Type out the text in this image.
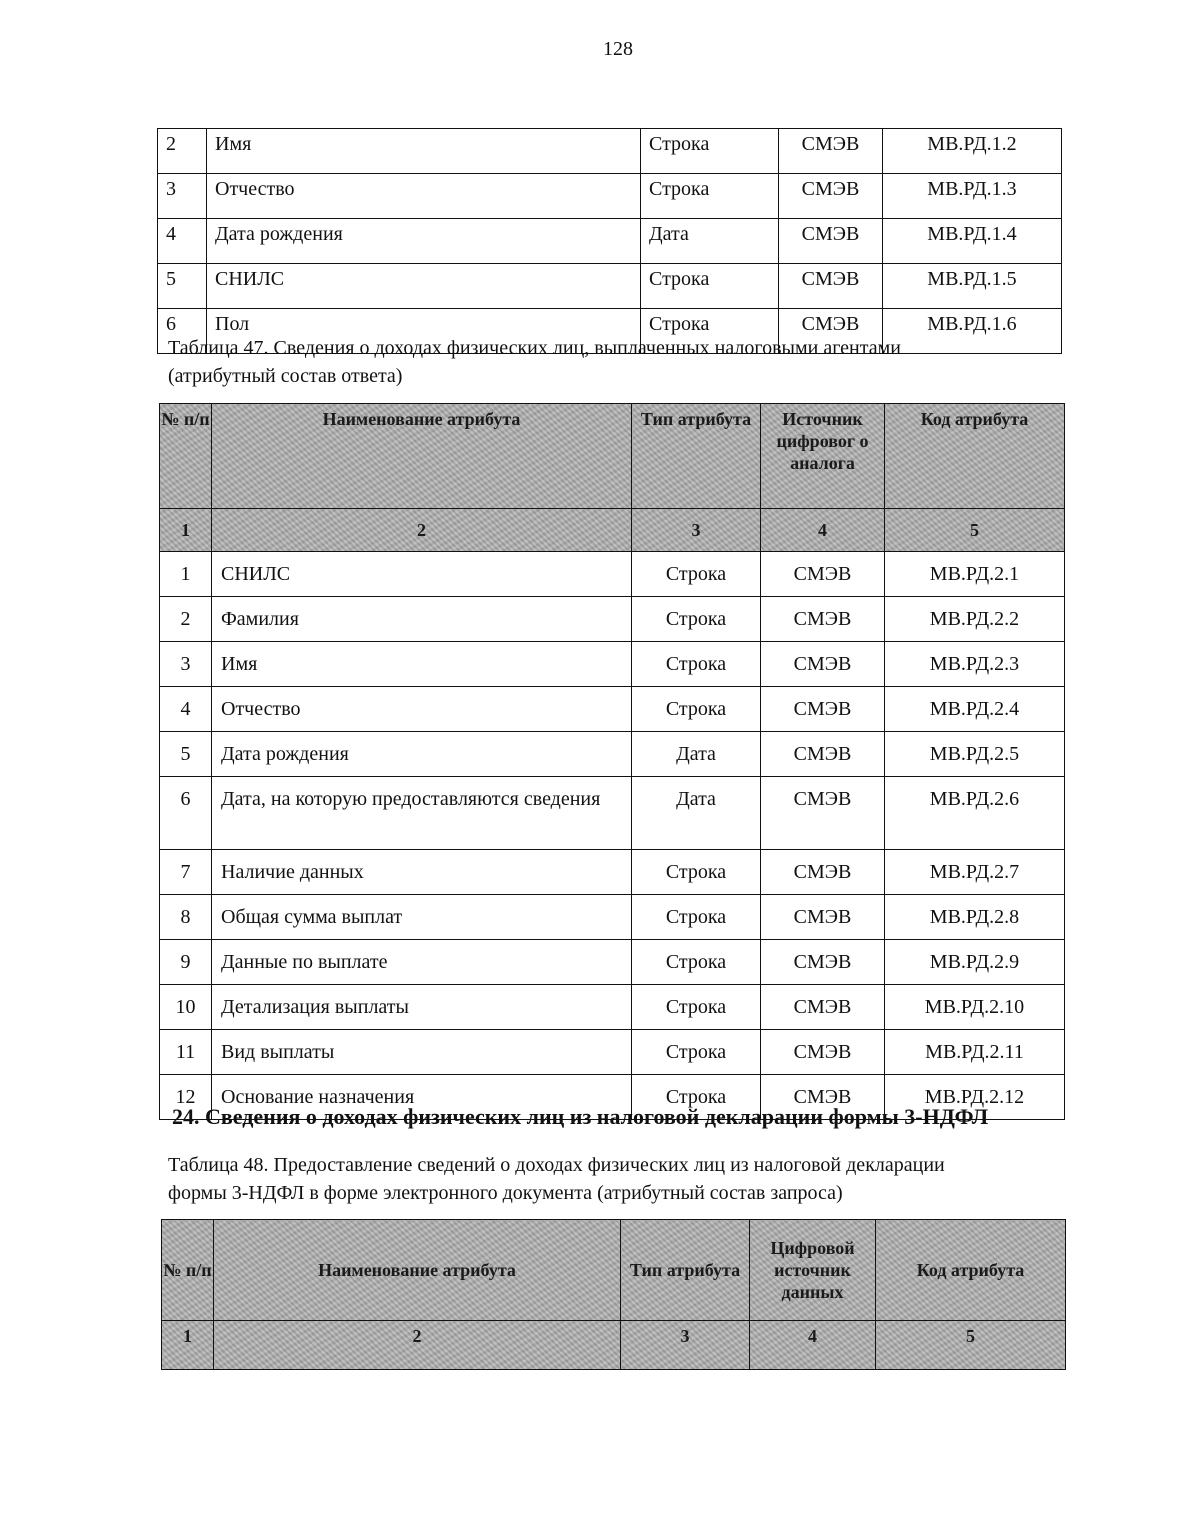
128
2	Имя	Строка	СМЭВ	МВ.РД.1.2
3	Отчество	Строка	СМЭВ	МВ.РД.1.3
4	Дата рождения	Дата	СМЭВ	МВ.РД.1.4
5	СНИЛС	Строка	СМЭВ	МВ.РД.1.5
6	Пол	Строка	СМЭВ	МВ.РД.1.6
Таблица 47. Сведения о доходах физических лиц, выплаченных налоговыми агентами
(атрибутный состав ответа)
№ п/п	Наименование атрибута	Тип атрибута	Источник цифровог о аналога	Код атрибута
1	2	3	4	5
1	СНИЛС	Строка	СМЭВ	МВ.РД.2.1
2	Фамилия	Строка	СМЭВ	МВ.РД.2.2
3	Имя	Строка	СМЭВ	МВ.РД.2.3
4	Отчество	Строка	СМЭВ	МВ.РД.2.4
5	Дата рождения	Дата	СМЭВ	МВ.РД.2.5
6	Дата, на которую предоставляются сведения	Дата	СМЭВ	МВ.РД.2.6
7	Наличие данных	Строка	СМЭВ	МВ.РД.2.7
8	Общая сумма выплат	Строка	СМЭВ	МВ.РД.2.8
9	Данные по выплате	Строка	СМЭВ	МВ.РД.2.9
10	Детализация выплаты	Строка	СМЭВ	МВ.РД.2.10
11	Вид выплаты	Строка	СМЭВ	МВ.РД.2.11
12	Основание назначения	Строка	СМЭВ	МВ.РД.2.12
24. Сведения о доходах физических лиц из налоговой декларации формы 3-НДФЛ
Таблица 48. Предоставление сведений о доходах физических лиц из налоговой декларации
формы 3-НДФЛ в форме электронного документа (атрибутный состав запроса)
№ п/п	Наименование атрибута	Тип атрибута	Цифровой источник данных	Код атрибута
1	2	3	4	5
